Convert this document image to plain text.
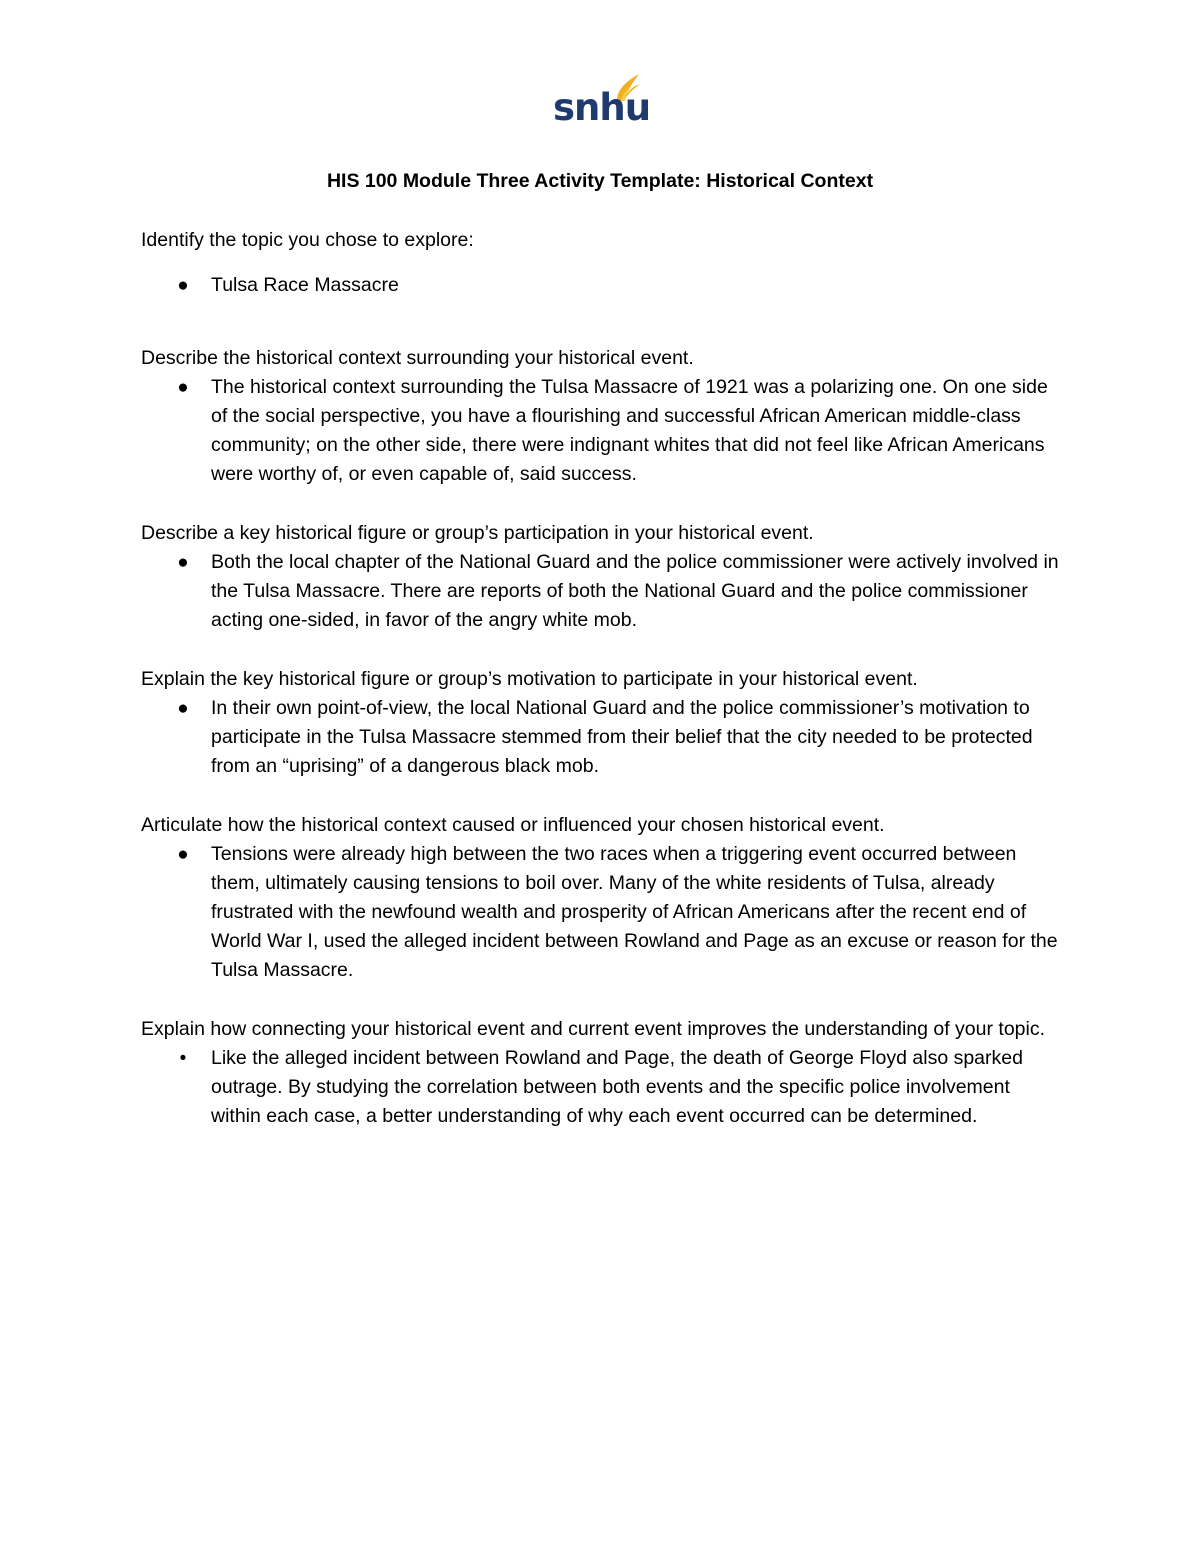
snhu
HIS 100 Module Three Activity Template: Historical Context

Identify the topic you chose to explore:

● Tulsa Race Massacre

Describe the historical context surrounding your historical event.

● The historical context surrounding the Tulsa Massacre of 1921 was a polarizing one. On one side of the social perspective, you have a flourishing and successful African American middle-class community; on the other side, there were indignant whites that did not feel like African Americans were worthy of, or even capable of, said success.

Describe a key historical figure or group’s participation in your historical event.

● Both the local chapter of the National Guard and the police commissioner were actively involved in the Tulsa Massacre. There are reports of both the National Guard and the police commissioner acting one-sided, in favor of the angry white mob.

Explain the key historical figure or group’s motivation to participate in your historical event.

● In their own point-of-view, the local National Guard and the police commissioner’s motivation to participate in the Tulsa Massacre stemmed from their belief that the city needed to be protected from an “uprising” of a dangerous black mob.

Articulate how the historical context caused or influenced your chosen historical event.

● Tensions were already high between the two races when a triggering event occurred between them, ultimately causing tensions to boil over. Many of the white residents of Tulsa, already frustrated with the newfound wealth and prosperity of African Americans after the recent end of World War I, used the alleged incident between Rowland and Page as an excuse or reason for the Tulsa Massacre.

Explain how connecting your historical event and current event improves the understanding of your topic.

• Like the alleged incident between Rowland and Page, the death of George Floyd also sparked outrage. By studying the correlation between both events and the specific police involvement within each case, a better understanding of why each event occurred can be determined.
